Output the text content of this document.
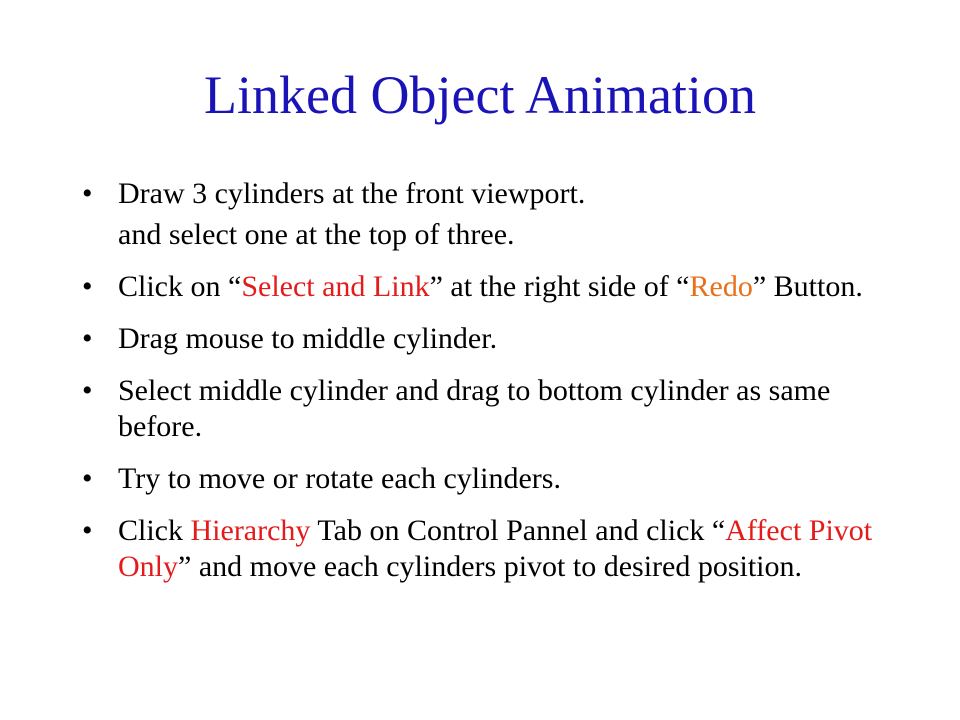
Linked Object Animation
• Draw 3 cylinders at the front viewport.
and select one at the top of three.
• Click on “Select and Link” at the right side of “Redo” Button.
• Drag mouse to middle cylinder.
• Select middle cylinder and drag to bottom cylinder as same before.
• Try to move or rotate each cylinders.
• Click Hierarchy Tab on Control Pannel and click “Affect Pivot Only” and move each cylinders pivot to desired position.
